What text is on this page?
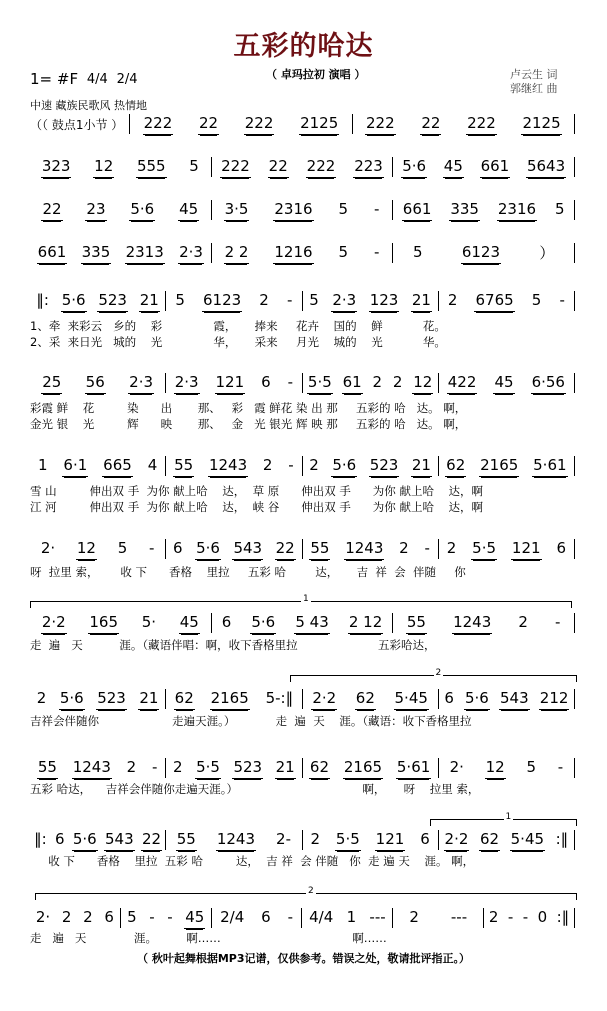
五彩的哈达
（ 卓玛拉初 演唱 ）	卢云生 词
郭继红 曲
1= #F 4/4 2/4
中速 藏族民歌风 热情地
（（ 鼓点1小节 ） 222 22 222 2125 222 22 222 2125
323 12 555 5 222 22 222 223 5·6 45 661 5643
22 23 5·6 45 3·5 2316 5 - 661 335 2316 5
661 335 2313 2·3 2 2 1216 5 - 5	6123	）
‖: 5·6 523 21 5 6123 2 - 5 2·3 123 21 2 6765 5 -
1、牵  来彩云   乡的    彩              霞，     捧来     花卉    国的    鲜           花。
2、采  来日光   城的    光              华，     采来     月光    城的    光           华。
25 56 2·3 2·3 121 6 - 5·5 61 2 2 12 422 45 6·56
彩霞 鲜    花         染      出       那、   彩   霞 鲜花 染 出 那     五彩的 哈   达。 啊，
金光 银    光         辉      映       那、   金   光 银光 辉 映 那     五彩的 哈   达。 啊，
1 6·1 665 4 55 1243 2 - 2 5·6 523 21 62 2165 5·61
雪 山         伸出双 手  为你 献上哈    达，  草 原      伸出双 手      为你 献上哈    达，啊
江 河         伸出双 手  为你 献上哈    达，  峡 谷      伸出双 手      为你 献上哈    达，啊
2· 12 5 - 6 5·6 543 22 55 1243 2 - 2 5·5 121 6
呀  拉里 索，      收 下      香格    里拉     五彩 哈        达，     吉  祥  会  伴随     你
2·2 165 5· 45 6 5·6 5 43 2 12 55 1243 2 -
走  遍   天          涯。（藏语伴唱：啊，收下香格里拉                      五彩哈达，
2 5·6 523 21 62 2165 5-:‖ 2·2 62 5·45 6 5·6 543 212
吉祥会伴随你                    走遍天涯。）           走  遍  天    涯。（藏语：收下香格里拉
55 1243 2 - 2 5·5 523 21 62 2165 5·61 2· 12 5 -
五彩 哈达，    吉祥会伴随你走遍天涯。）                                  啊，     呀    拉里 索，
‖: 6 5·6 543 22 55 1243 2- 2 5·5 121 6 2·2 62 5·45 :‖
收 下      香格    里拉  五彩 哈         达，  吉 祥  会 伴随   你  走 遍 天    涯。 啊，
2· 2 2 6 5 - - 45 2/4 6 - 4/4 1 --- 2 --- 2 - - 0 :‖
走   遍   天             涯。        啊……                                    啊……
1
2
1
2
（ 秋叶起舞根据MP3记谱，仅供参考。错误之处，敬请批评指正。）
